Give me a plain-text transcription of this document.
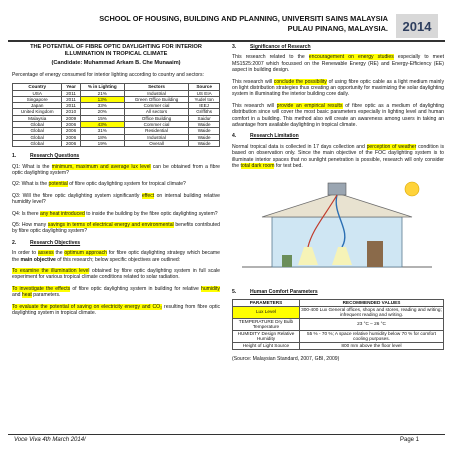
SCHOOL OF HOUSING, BUILDING AND PLANNING, UNIVERSITI SAINS MALAYSIA
PULAU PINANG, MALAYSIA.	2014
THE POTENTIAL OF FIBRE OPTIC DAYLIGHTING FOR INTERIOR ILLUMINATION IN TROPICAL CLIMATE
(Candidate: Muhammad Arkam B. Che Munaaim)

Percentage of energy consumed for interior lighting according to country and sectors:

Country	Year	% in Lighting	Sectors	Source
USA	2011	21%	Industrial	US EIA
Singapore	2011	13%	Green Office Building	Yudel ton
Japan	2011	33%	Commer cial	IEEJ
United Kingdom	2010	20%	All sectors	Griffiths
Malaysia	2009	15%	Office Building	Saidur
Global	2006	43%	Commer cial	Waide
Global	2006	31%	Residential	Waide
Global	2006	18%	Industrial	Waide
Global	2006	19%	Overall	Waide
1.	Research Questions

Q1: What is the minimum, maximum and average lux level can be obtained from a fibre optic daylighting system?

Q2: What is the potential of fibre optic daylighting system for tropical climate?

Q3: Will the fibre optic daylighting system significantly effect on internal building relative humidity level?

Q4: Is there any heat introduced to inside the building by the fibre optic daylighting system?

Q5: How many savings in terms of electrical energy and environmental benefits contributed by fibre optic daylighting system?

2.	Research Objectives

In order to assess the optimum approach for fibre optic daylighting strategy which became the main objective of this research; below specific objectives are outlined:

To examine the illumination level obtained by fibre optic daylighting system in full scale experiment for various tropical climate conditions related to solar radiation.

To investigate the effects of fibre optic daylighting system in building for relative humidity and heat parameters.

To evaluate the potential of saving on electricity energy and CO₂ resulting from fibre optic daylighting system in tropical climate.

3.	Significance of Research

This research related to the encouragement on energy studies especially to meet MS1525:2007 which focussed on the Renewable Energy (RE) and Energy-Efficiency (EE) aspect in building design.

This research will conclude the possibility of using fibre optic cable as a light medium mainly on light distribution strategies thus creating an opportunity for maximizing the solar daylighting system in illuminating the interior building core daily.

This research will provide an empirical results of fibre optic as a medium of daylighting distribution since will cover the most basic parameters especially in lighting level and human comfort in a building. This method also will create an awareness among users in taking an advantage from available daylighting in tropical climate.

4.	Research Limitation

Normal tropical data is collected in 17 days collection and perception of weather condition is based on observation only. Since the main objective of the FOC daylighting system is to illuminate interior spaces that no sunlight penetration is possible, research will only consider the total dark room for test bed.

5.	Human Comfort Parameters
PARAMETERS	RECOMMENDED VALUES
Lux Level	300-400 Lux General offices, shops and stores, reading and writing; infrequent reading and writing.
TEMPERATURE Dry Bulb Temperature	23 °C – 26 °C
HUMIDITY Design Relative Humidity	55 % - 70 %; A space relative humidity below 70 % for comfort cooling purposes.
Height of Light Source	800 mm above the floor level

(Source: Malaysian Standard, 2007, GBI, 2009)

Voce Viva 4th March 2014/	Page 1
